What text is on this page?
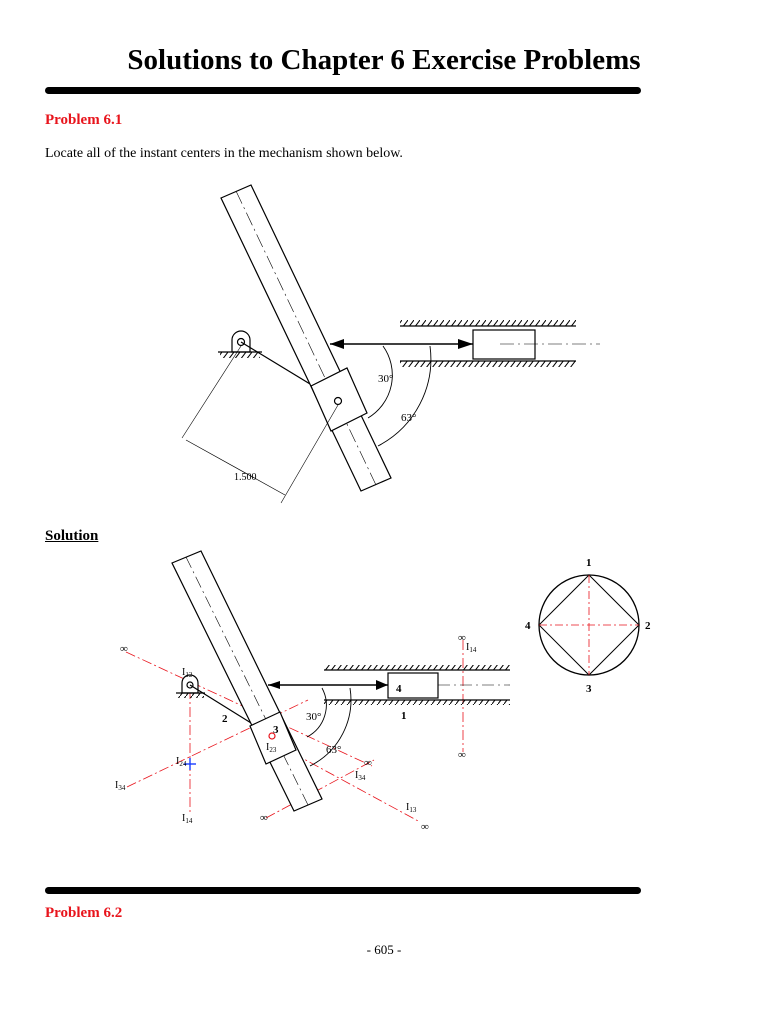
Solutions to Chapter 6 Exercise Problems
Problem 6.1

Locate all of the instant centers in the mechanism shown below.

30°
63°
1.500
Solution
30°
63°
∞
∞
∞
∞
∞
∞
$I_{12}$
$I_{23}$
$I_{24}$
$I_{34}$
$I_{34}$
$I_{14}$
$I_{14}$
$I_{13}$
2
3
4
1
1
2
3
4
Problem 6.2
- 605 -
